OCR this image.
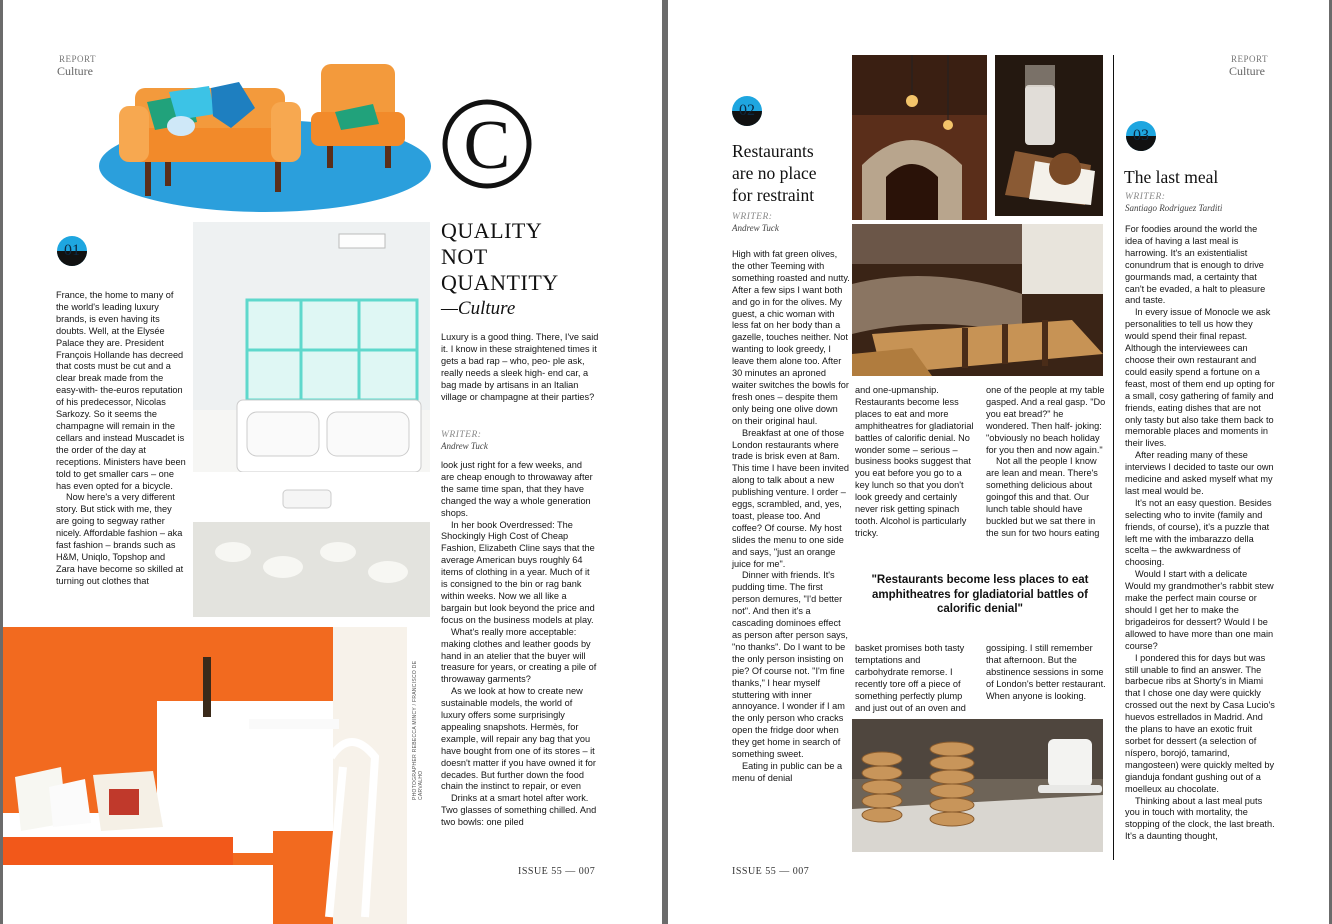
REPORT
Culture
C
01

France, the home to many of the world's leading luxury brands, is even having its doubts. Well, at the Elysée Palace they are. President François Hollande has decreed that costs must be cut and a clear break made from the easy-with- the-euros reputation of his predecessor, Nicolas Sarkozy. So it seems the champagne will remain in the cellars and instead Muscadet is the order of the day at receptions. Ministers have been told to get smaller cars – one has even opted for a bicycle.

Now here's a very different story. But stick with me, they are going to segway rather nicely. Affordable fashion – aka fast fashion – brands such as H&M, Uniqlo, Topshop and Zara have become so skilled at turning out clothes that

PHOTOGRAPHER REBECCA MINCY / FRANCISCO DE CARVALHO
QUALITY
NOT
QUANTITY
—Culture

Luxury is a good thing. There, I've said it. I know in these straightened times it gets a bad rap – who, peo- ple ask, really needs a sleek high- end car, a bag made by artisans in an Italian village or champagne at their parties?

WRITER:
Andrew Tuck

look just right for a few weeks, and are cheap enough to throwaway after the same time span, that they have changed the way a whole generation shops.

In her book Overdressed: The Shockingly High Cost of Cheap Fashion, Elizabeth Cline says that the average American buys roughly 64 items of clothing in a year. Much of it is consigned to the bin or rag bank within weeks. Now we all like a bargain but look beyond the price and focus on the business models at play.

What's really more acceptable: making clothes and leather goods by hand in an atelier that the buyer will treasure for years, or creating a pile of throwaway garments?

As we look at how to create new sustainable models, the world of luxury offers some surprisingly appealing snapshots. Hermès, for example, will repair any bag that you have bought from one of its stores – it doesn't matter if you have owned it for decades. But further down the food chain the instinct to repair, or even

Drinks at a smart hotel after work. Two glasses of something chilled. And two bowls: one piled

ISSUE 55 — 007
02
Restaurants
are no place
for restraint
WRITER:
Andrew Tuck

High with fat green olives, the other Teeming with something roasted and nutty. After a few sips I want both and go in for the olives. My guest, a chic woman with less fat on her body than a gazelle, touches neither. Not wanting to look greedy, I leave them alone too. After 30 minutes an aproned waiter switches the bowls for fresh ones – despite them only being one olive down on their original haul.

Breakfast at one of those London restaurants where trade is brisk even at 8am. This time I have been invited along to talk about a new publishing venture. I order – eggs, scrambled, and, yes, toast, please too. And coffee? Of course. My host slides the menu to one side and says, "just an orange juice for me".

Dinner with friends. It's pudding time. The first person demures, "I'd better not". And then it's a cascading dominoes effect as person after person says, "no thanks". Do I want to be the only person insisting on pie? Of course not. "I'm fine thanks," I hear myself stuttering with inner annoyance. I wonder if I am the only person who cracks open the fridge door when they get home in search of something sweet.

Eating in public can be a menu of denial

REPORT
Culture

and one-upmanship. Restaurants become less places to eat and more amphitheatres for gladiatorial battles of calorific denial. No wonder some – serious – business books suggest that you eat before you go to a key lunch so that you don't look greedy and certainly never risk getting spinach tooth. Alcohol is particularly tricky.

one of the people at my table gasped. And a real gasp. "Do you eat bread?" he wondered. Then half- joking: "obviously no beach holiday for you then and now again."

Not all the people I know are lean and mean. There's something delicious about goingof this and that. Our lunch table should have buckled but we sat there in the sun for two hours eating

"Restaurants become less places to eat amphitheatres for gladiatorial battles of calorific denial"

basket promises both tasty temptations and carbohydrate remorse. I recently tore off a piece of something perfectly plump and just out of an oven and

gossiping. I still remember that afternoon. But the abstinence sessions in some of London's better restaurant. When anyone is looking.

03
The last meal
WRITER:
Santiago Rodriguez Tarditi

For foodies around the world the idea of having a last meal is harrowing. It's an existentialist conundrum that is enough to drive gourmands mad, a certainty that can't be evaded, a halt to pleasure and taste.

In every issue of Monocle we ask personalities to tell us how they would spend their final repast. Although the interviewees can choose their own restaurant and could easily spend a fortune on a feast, most of them end up opting for a small, cosy gathering of family and friends, eating dishes that are not only tasty but also take them back to memorable places and moments in their lives.

After reading many of these interviews I decided to taste our own medicine and asked myself what my last meal would be.

It's not an easy question. Besides selecting who to invite (family and friends, of course), it's a puzzle that left me with the imbarazzo della scelta – the awkwardness of choosing.

Would I start with a delicate Would my grandmother's rabbit stew make the perfect main course or should I get her to make the brigadeiros for dessert? Would I be allowed to have more than one main course?

I pondered this for days but was still unable to find an answer. The barbecue ribs at Shorty's in Miami that I chose one day were quickly crossed out the next by Casa Lucio's huevos estrellados in Madrid. And the plans to have an exotic fruit sorbet for dessert (a selection of níspero, borojó, tamarind, mangosteen) were quickly melted by gianduja fondant gushing out of a moelleux au chocolate.

Thinking about a last meal puts you in touch with mortality, the stopping of the clock, the last breath. It's a daunting thought,

ISSUE 55 — 007
